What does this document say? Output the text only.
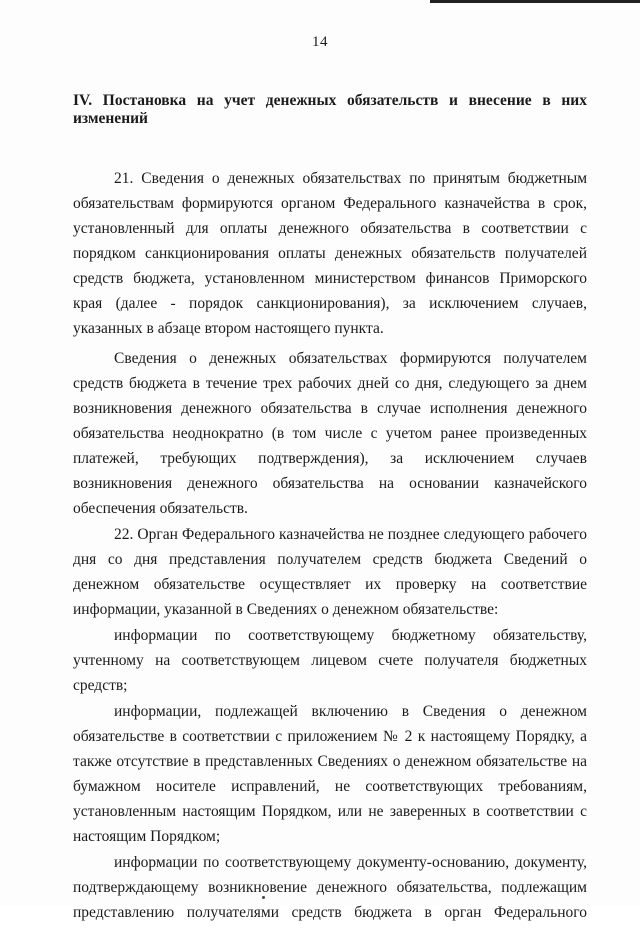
14

IV. Постановка на учет денежных обязательств и внесение в них изменений

21. Сведения о денежных обязательствах по принятым бюджетным обязательствам формируются органом Федерального казначейства в срок, установленный для оплаты денежного обязательства в соответствии с порядком санкционирования оплаты денежных обязательств получателей средств бюджета, установленном министерством финансов Приморского края (далее - порядок санкционирования), за исключением случаев, указанных в абзаце втором настоящего пункта.

Сведения о денежных обязательствах формируются получателем средств бюджета в течение трех рабочих дней со дня, следующего за днем возникновения денежного обязательства в случае исполнения денежного обязательства неоднократно (в том числе с учетом ранее произведенных платежей, требующих подтверждения), за исключением случаев возникновения денежного обязательства на основании казначейского обеспечения обязательств.

22. Орган Федерального казначейства не позднее следующего рабочего дня со дня представления получателем средств бюджета Сведений о денежном обязательстве осуществляет их проверку на соответствие информации, указанной в Сведениях о денежном обязательстве:

информации по соответствующему бюджетному обязательству, учтенному на соответствующем лицевом счете получателя бюджетных средств;

информации, подлежащей включению в Сведения о денежном обязательстве в соответствии с приложением № 2 к настоящему Порядку, а также отсутствие в представленных Сведениях о денежном обязательстве на бумажном носителе исправлений, не соответствующих требованиям, установленным настоящим Порядком, или не заверенных в соответствии с настоящим Порядком;

информации по соответствующему документу-основанию, документу, подтверждающему возникновение денежного обязательства, подлежащим представлению получателями средств бюджета в орган Федерального
